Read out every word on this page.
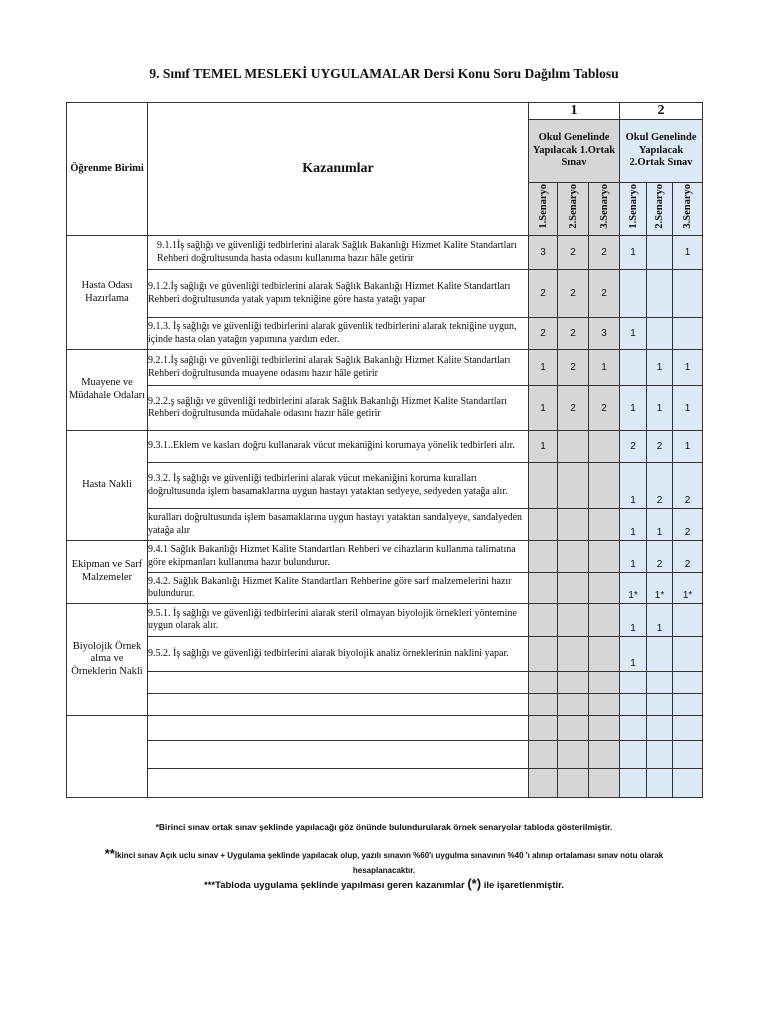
9. Sınıf TEMEL MESLEKİ UYGULAMALAR Dersi Konu Soru Dağılım Tablosu
Öğrenme Birimi	Kazanımlar	1			2		
		Okul Genelinde Yapılacak 1.Ortak Sınav			Okul Genelinde Yapılacak 2.Ortak Sınav		
		1.Senaryo	2.Senaryo	3.Senaryo	1.Senaryo	2.Senaryo	3.Senaryo
Hasta Odası Hazırlama	9.1.1İş sağlığı ve güvenliği tedbirlerini alarak Sağlık Bakanlığı Hizmet Kalite Standartları Rehberi doğrultusunda hasta odasını kullanıma hazır hâle getirir	3	2	2	1		1
	9.1.2.İş sağlığı ve güvenliği tedbirlerini alarak Sağlık Bakanlığı Hizmet Kalite Standartları Rehberi doğrultusunda yatak yapım tekniğine göre hasta yatağı yapar	2	2	2			
	9.1.3. İş sağlığı ve güvenliği tedbirlerini alarak güvenlik tedbirlerini alarak tekniğine uygun, içinde hasta olan yatağın yapımına yardım eder.	2	2	3	1		
Muayene ve Müdahale Odaları	9.2.1.İş sağlığı ve güvenliği tedbirlerini alarak Sağlık Bakanlığı Hizmet Kalite Standartları Rehberi doğrultusunda muayene odasını hazır hâle getirir	1	2	1		1	1
	9.2.2.ş sağlığı ve güvenliği tedbirlerini alarak Sağlık Bakanlığı Hizmet Kalite Standartları Rehberi doğrultusunda müdahale odasını hazır hâle getirir	1	2	2	1	1	1
Hasta Nakli	9.3.1..Eklem ve kasları doğru kullanarak vücut mekaniğini korumaya yönelik tedbirleri alır.	1			2	2	1
	9.3.2. İş sağlığı ve güvenliği tedbirlerini alarak vücut mekaniğini koruma kuralları doğrultusunda işlem basamaklarına uygun hastayı yataktan sedyeye, sedyeden yatağa alır.				1	2	2
	kuralları doğrultusunda işlem basamaklarına uygun hastayı yataktan sandalyeye, sandalyeden yatağa alır				1	1	2
Ekipman ve Sarf Malzemeler	9.4.1 Sağlık Bakanlığı Hizmet Kalite Standartları Rehberi ve cihazların kullanma talimatına göre ekipmanları kullanıma hazır bulundurur.				1	2	2
	9.4.2. Sağlık Bakanlığı Hizmet Kalite Standartları Rehberine göre sarf malzemelerini hazır bulundurur.				1*	1*	1*
Biyolojik Örnek alma ve Örneklerin Nakli	9.5.1. İş sağlığı ve güvenliği tedbirlerini alarak steril olmayan biyolojik örnekleri yöntemine uygun olarak alır.				1	1	
	9.5.2. İş sağlığı ve güvenliği tedbirlerini alarak biyolojik analiz örneklerinin naklini yapar.				1		

*Birinci sınav ortak sınav şeklinde yapılacağı göz önünde bulundurularak örnek senaryolar tabloda gösterilmiştir.
**İkinci sınav Açık uclu sınav + Uygulama şeklinde yapılacak olup, yazılı sınavın %60'ı uygulma sınavının %40 'ı alınıp ortalaması sınav notu olarak hesaplanacaktır.
***Tabloda uygulama şeklinde yapılması geren kazanımlar (*) ile işaretlenmiştir.
